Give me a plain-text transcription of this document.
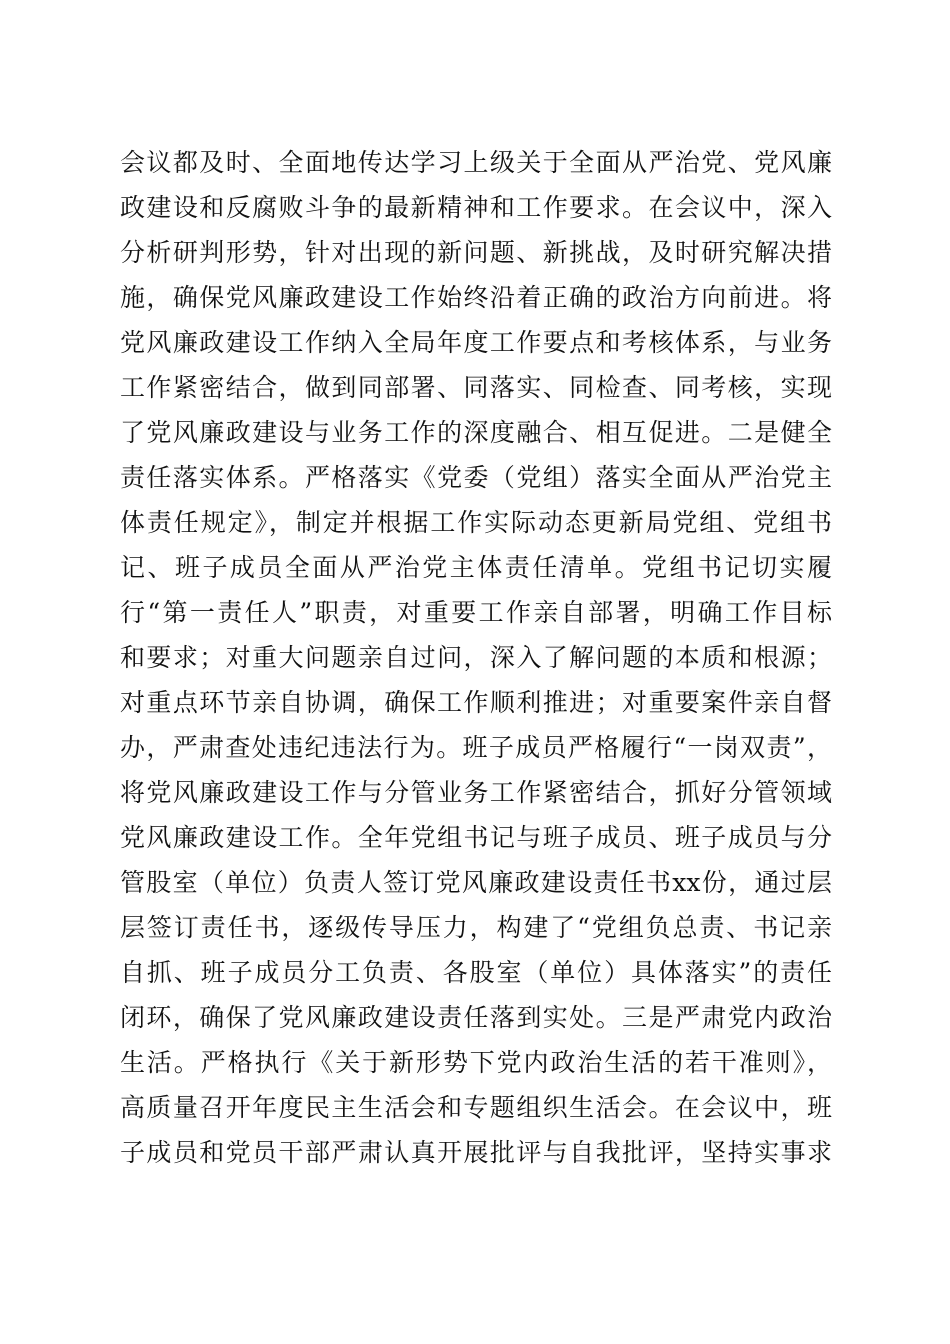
会议都及时、全面地传达学习上级关于全面从严治党、党风廉
政建设和反腐败斗争的最新精神和工作要求。在会议中，深入
分析研判形势，针对出现的新问题、新挑战，及时研究解决措
施，确保党风廉政建设工作始终沿着正确的政治方向前进。将
党风廉政建设工作纳入全局年度工作要点和考核体系，与业务
工作紧密结合，做到同部署、同落实、同检查、同考核，实现
了党风廉政建设与业务工作的深度融合、相互促进。二是健全
责任落实体系。严格落实《党委（党组）落实全面从严治党主
体责任规定》，制定并根据工作实际动态更新局党组、党组书
记、班子成员全面从严治党主体责任清单。党组书记切实履
行“第一责任人”职责，对重要工作亲自部署，明确工作目标
和要求；对重大问题亲自过问，深入了解问题的本质和根源；
对重点环节亲自协调，确保工作顺利推进；对重要案件亲自督
办，严肃查处违纪违法行为。班子成员严格履行“一岗双责”，
将党风廉政建设工作与分管业务工作紧密结合，抓好分管领域
党风廉政建设工作。全年党组书记与班子成员、班子成员与分
管股室（单位）负责人签订党风廉政建设责任书xx份，通过层
层签订责任书，逐级传导压力，构建了“党组负总责、书记亲
自抓、班子成员分工负责、各股室（单位）具体落实”的责任
闭环，确保了党风廉政建设责任落到实处。三是严肃党内政治
生活。严格执行《关于新形势下党内政治生活的若干准则》，
高质量召开年度民主生活会和专题组织生活会。在会议中，班
子成员和党员干部严肃认真开展批评与自我批评，坚持实事求
